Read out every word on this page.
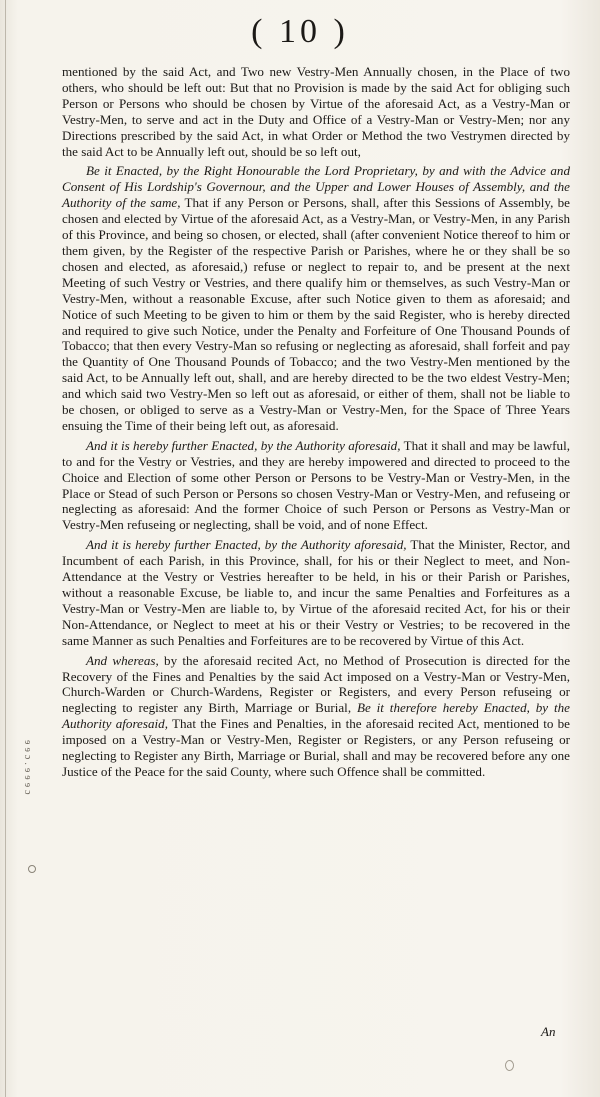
( 10 )

mentioned by the said Act, and Two new Vestry-Men Annually chosen, in the Place of two others, who should be left out: But that no Provision is made by the said Act for obliging such Person or Persons who should be chosen by Virtue of the aforesaid Act, as a Vestry-Man or Vestry-Men, to serve and act in the Duty and Office of a Vestry-Man or Vestry-Men; nor any Directions prescribed by the said Act, in what Order or Method the two Vestrymen directed by the said Act to be Annually left out, should be so left out,

Be it Enacted, by the Right Honourable the Lord Proprietary, by and with the Advice and Consent of His Lordship's Governour, and the Upper and Lower Houses of Assembly, and the Authority of the same, That if any Person or Persons, shall, after this Sessions of Assembly, be chosen and elected by Virtue of the aforesaid Act, as a Vestry-Man, or Vestry-Men, in any Parish of this Province, and being so chosen, or elected, shall (after convenient Notice thereof to him or them given, by the Register of the respective Parish or Parishes, where he or they shall be so chosen and elected, as aforesaid,) refuse or neglect to repair to, and be present at the next Meeting of such Vestry or Vestries, and there qualify him or themselves, as such Vestry-Man or Vestry-Men, without a reasonable Excuse, after such Notice given to them as aforesaid; and Notice of such Meeting to be given to him or them by the said Register, who is hereby directed and required to give such Notice, under the Penalty and Forfeiture of One Thousand Pounds of Tobacco; that then every Vestry-Man so refusing or neglecting as aforesaid, shall forfeit and pay the Quantity of One Thousand Pounds of Tobacco; and the two Vestry-Men mentioned by the said Act, to be Annually left out, shall, and are hereby directed to be the two eldest Vestry-Men; and which said two Vestry-Men so left out as aforesaid, or either of them, shall not be liable to be chosen, or obliged to serve as a Vestry-Man or Vestry-Men, for the Space of Three Years ensuing the Time of their being left out, as aforesaid.

And it is hereby further Enacted, by the Authority aforesaid, That it shall and may be lawful, to and for the Vestry or Vestries, and they are hereby impowered and directed to proceed to the Choice and Election of some other Person or Persons to be Vestry-Man or Vestry-Men, in the Place or Stead of such Person or Persons so chosen Vestry-Man or Vestry-Men, and refuseing or neglecting as aforesaid: And the former Choice of such Person or Persons as Vestry-Man or Vestry-Men refuseing or neglecting, shall be void, and of none Effect.

And it is hereby further Enacted, by the Authority aforesaid, That the Minister, Rector, and Incumbent of each Parish, in this Province, shall, for his or their Neglect to meet, and Non-Attendance at the Vestry or Vestries hereafter to be held, in his or their Parish or Parishes, without a reasonable Excuse, be liable to, and incur the same Penalties and Forfeitures as a Vestry-Man or Vestry-Men are liable to, by Virtue of the aforesaid recited Act, for his or their Non-Attendance, or Neglect to meet at his or their Vestry or Vestries; to be recovered in the same Manner as such Penalties and Forfeitures are to be recovered by Virtue of this Act.

And whereas, by the aforesaid recited Act, no Method of Prosecution is directed for the Recovery of the Fines and Penalties by the said Act imposed on a Vestry-Man or Vestry-Men, Church-Warden or Church-Wardens, Register or Registers, and every Person refuseing or neglecting to register any Birth, Marriage or Burial, Be it therefore hereby Enacted, by the Authority aforesaid, That the Fines and Penalties, in the aforesaid recited Act, mentioned to be imposed on a Vestry-Man or Vestry-Men, Register or Registers, or any Person refuseing or neglecting to Register any Birth, Marriage or Burial, shall and may be recovered before any one Justice of the Peace for the said County, where such Offence shall be committed.

ɘɘɔ.ɘɘɘɔ
An
